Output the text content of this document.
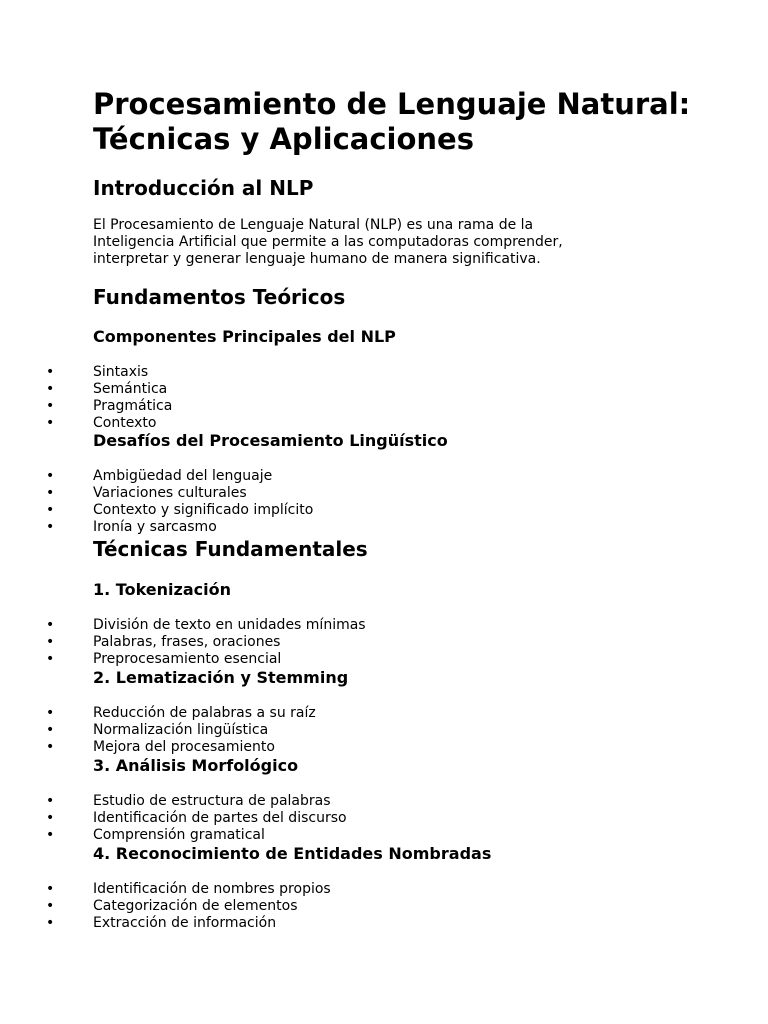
Procesamiento de Lenguaje Natural: Técnicas y Aplicaciones
Introducción al NLP

El Procesamiento de Lenguaje Natural (NLP) es una rama de la Inteligencia Artificial que permite a las computadoras comprender, interpretar y generar lenguaje humano de manera significativa.

Fundamentos Teóricos
Componentes Principales del NLP
•	Sintaxis
•	Semántica
•	Pragmática
•	Contexto
Desafíos del Procesamiento Lingüístico
•	Ambigüedad del lenguaje
•	Variaciones culturales
•	Contexto y significado implícito
•	Ironía y sarcasmo
Técnicas Fundamentales
1. Tokenización
•	División de texto en unidades mínimas
•	Palabras, frases, oraciones
•	Preprocesamiento esencial
2. Lematización y Stemming
•	Reducción de palabras a su raíz
•	Normalización lingüística
•	Mejora del procesamiento
3. Análisis Morfológico
•	Estudio de estructura de palabras
•	Identificación de partes del discurso
•	Comprensión gramatical
4. Reconocimiento de Entidades Nombradas
•	Identificación de nombres propios
•	Categorización de elementos
•	Extracción de información
